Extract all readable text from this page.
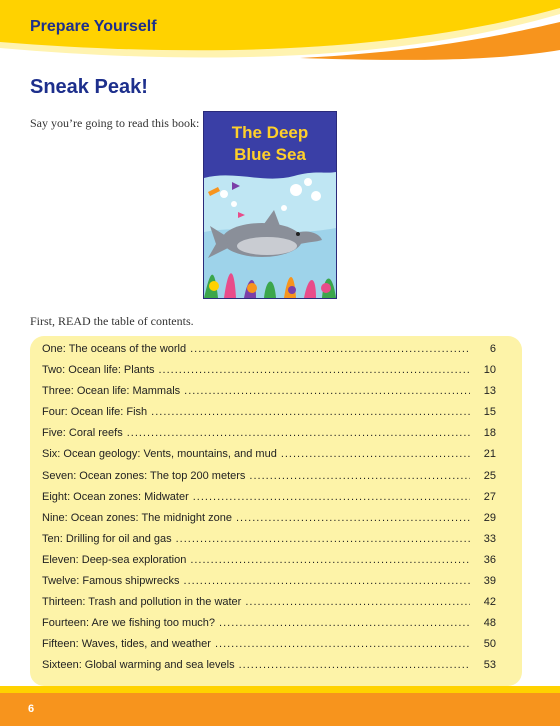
Prepare Yourself
Sneak Peak!
Say you’re going to read this book:	The Deep
Blue Sea
First, READ the table of contents.
One: The oceans of the world .....	6
Two: Ocean life: Plants .....	10
Three: Ocean life: Mammals .....	13
Four: Ocean life: Fish .....	15
Five: Coral reefs .....	18
Six: Ocean geology: Vents, mountains, and mud .....	21
Seven: Ocean zones: The top 200 meters .....	25
Eight: Ocean zones: Midwater .....	27
Nine: Ocean zones: The midnight zone .....	29
Ten: Drilling for oil and gas .....	33
Eleven: Deep-sea exploration .....	36
Twelve: Famous shipwrecks .....	39
Thirteen: Trash and pollution in the water .....	42
Fourteen: Are we fishing too much? .....	48
Fifteen: Waves, tides, and weather .....	50
Sixteen: Global warming and sea levels .....	53
6
